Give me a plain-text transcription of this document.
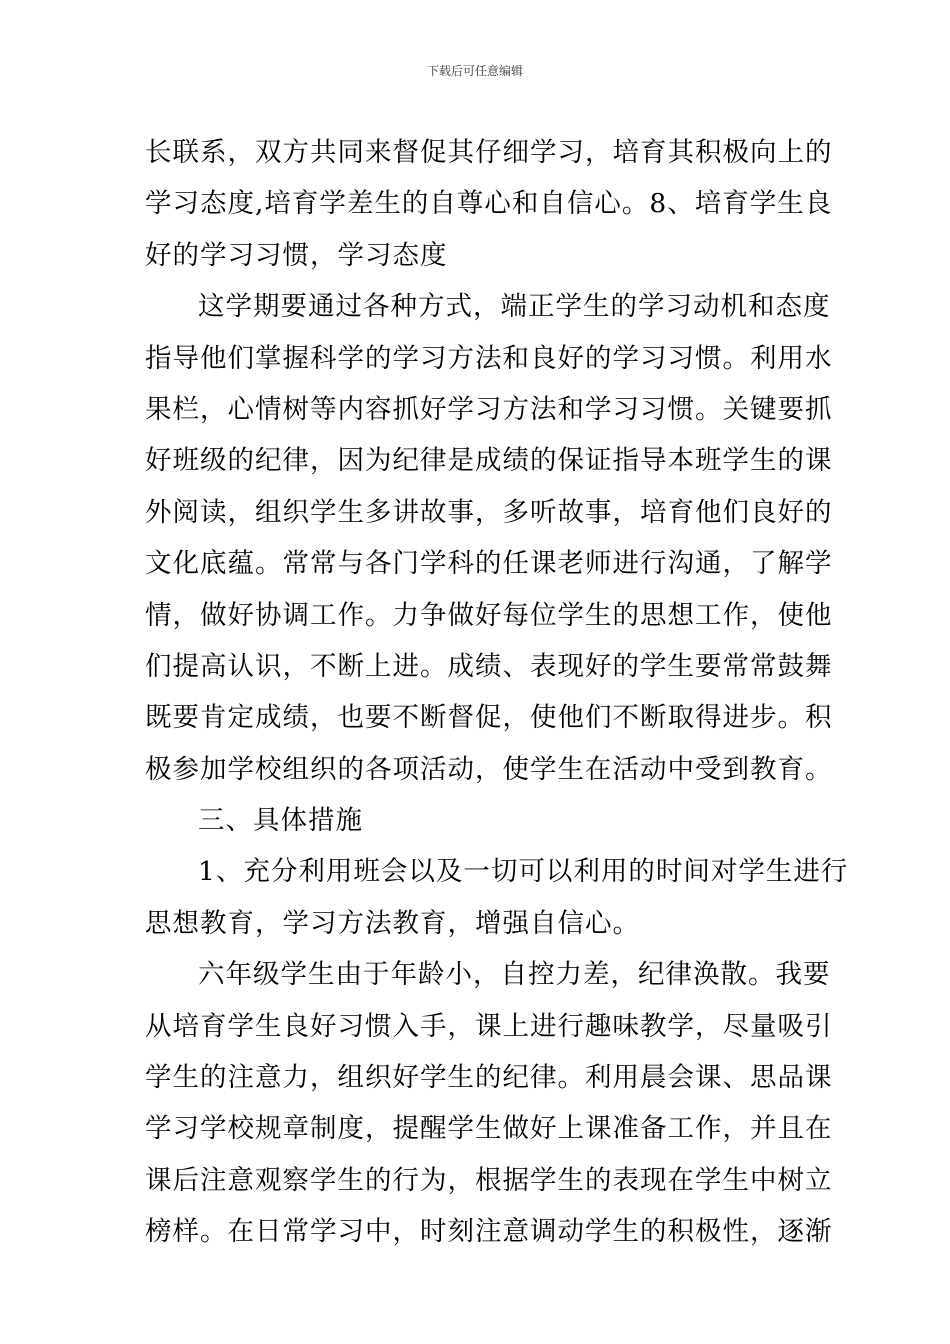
下载后可任意编辑
长联系，双方共同来督促其仔细学习，培育其积极向上的
学习态度,培育学差生的自尊心和自信心。8、培育学生良
好的学习习惯，学习态度
这学期要通过各种方式，端正学生的学习动机和态度
指导他们掌握科学的学习方法和良好的学习习惯。利用水
果栏，心情树等内容抓好学习方法和学习习惯。关键要抓
好班级的纪律，因为纪律是成绩的保证指导本班学生的课
外阅读，组织学生多讲故事，多听故事，培育他们良好的
文化底蕴。常常与各门学科的任课老师进行沟通，了解学
情，做好协调工作。力争做好每位学生的思想工作，使他
们提高认识，不断上进。成绩、表现好的学生要常常鼓舞
既要肯定成绩，也要不断督促，使他们不断取得进步。积
极参加学校组织的各项活动，使学生在活动中受到教育。
三、具体措施
1、充分利用班会以及一切可以利用的时间对学生进行
思想教育，学习方法教育，增强自信心。
六年级学生由于年龄小，自控力差，纪律涣散。我要
从培育学生良好习惯入手，课上进行趣味教学，尽量吸引
学生的注意力，组织好学生的纪律。利用晨会课、思品课
学习学校规章制度，提醒学生做好上课准备工作，并且在
课后注意观察学生的行为，根据学生的表现在学生中树立
榜样。在日常学习中，时刻注意调动学生的积极性，逐渐
